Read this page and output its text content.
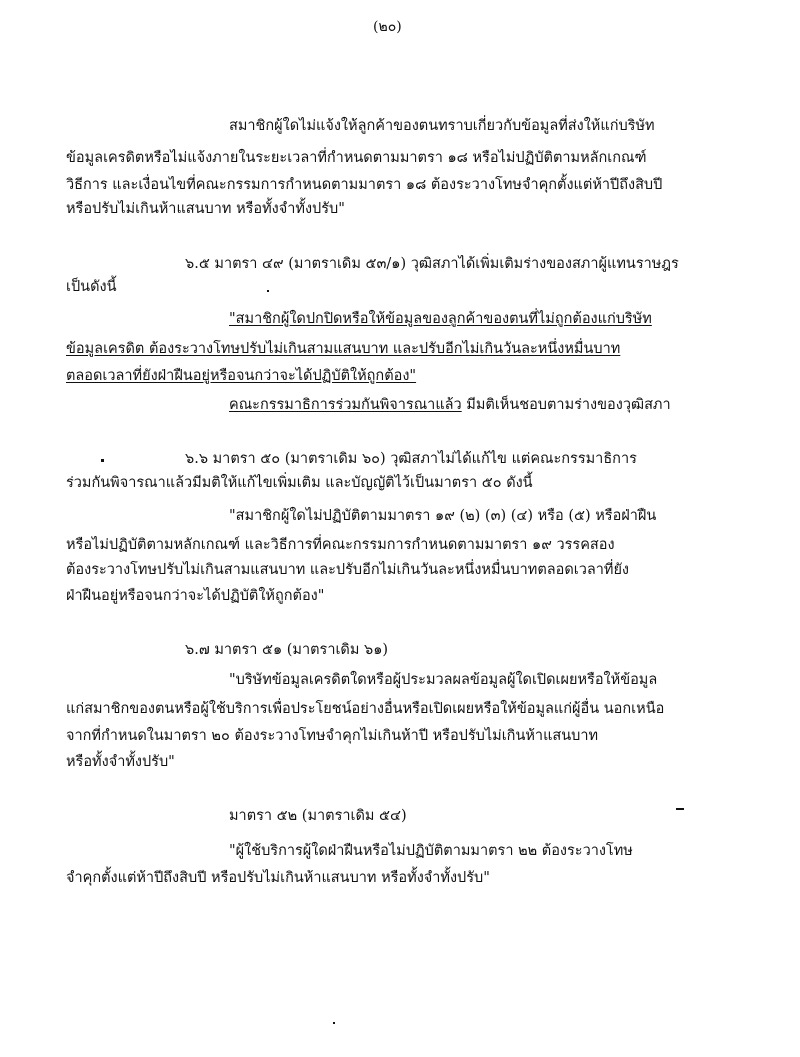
(๒๐)
สมาชิกผู้ใดไม่แจ้งให้ลูกค้าของตนทราบเกี่ยวกับข้อมูลที่ส่งให้แก่บริษัท
ข้อมูลเครดิตหรือไม่แจ้งภายในระยะเวลาที่กำหนดตามมาตรา ๑๘ หรือไม่ปฏิบัติตามหลักเกณฑ์
วิธีการ และเงื่อนไขที่คณะกรรมการกำหนดตามมาตรา ๑๘ ต้องระวางโทษจำคุกตั้งแต่ห้าปีถึงสิบปี
หรือปรับไม่เกินห้าแสนบาท หรือทั้งจำทั้งปรับ"
๖.๕ มาตรา ๔๙ (มาตราเดิม ๕๓/๑) วุฒิสภาได้เพิ่มเติมร่างของสภาผู้แทนราษฎร
เป็นดังนี้
"สมาชิกผู้ใดปกปิดหรือให้ข้อมูลของลูกค้าของตนที่ไม่ถูกต้องแก่บริษัท
ข้อมูลเครดิต ต้องระวางโทษปรับไม่เกินสามแสนบาท และปรับอีกไม่เกินวันละหนึ่งหมื่นบาท
ตลอดเวลาที่ยังฝ่าฝืนอยู่หรือจนกว่าจะได้ปฏิบัติให้ถูกต้อง"
คณะกรรมาธิการร่วมกันพิจารณาแล้ว มีมติเห็นชอบตามร่างของวุฒิสภา
๖.๖ มาตรา ๕๐ (มาตราเดิม ๖๐) วุฒิสภาไม่ได้แก้ไข แต่คณะกรรมาธิการ
ร่วมกันพิจารณาแล้วมีมติให้แก้ไขเพิ่มเติม และบัญญัติไว้เป็นมาตรา ๕๐ ดังนี้
"สมาชิกผู้ใดไม่ปฏิบัติตามมาตรา ๑๙ (๒) (๓) (๔) หรือ (๕) หรือฝ่าฝืน
หรือไม่ปฏิบัติตามหลักเกณฑ์ และวิธีการที่คณะกรรมการกำหนดตามมาตรา ๑๙ วรรคสอง
ต้องระวางโทษปรับไม่เกินสามแสนบาท และปรับอีกไม่เกินวันละหนึ่งหมื่นบาทตลอดเวลาที่ยัง
ฝ่าฝืนอยู่หรือจนกว่าจะได้ปฏิบัติให้ถูกต้อง"
๖.๗ มาตรา ๕๑ (มาตราเดิม ๖๑)
"บริษัทข้อมูลเครดิตใดหรือผู้ประมวลผลข้อมูลผู้ใดเปิดเผยหรือให้ข้อมูล
แก่สมาชิกของตนหรือผู้ใช้บริการเพื่อประโยชน์อย่างอื่นหรือเปิดเผยหรือให้ข้อมูลแก่ผู้อื่น นอกเหนือ
จากที่กำหนดในมาตรา ๒๐ ต้องระวางโทษจำคุกไม่เกินห้าปี หรือปรับไม่เกินห้าแสนบาท
หรือทั้งจำทั้งปรับ"
มาตรา ๕๒ (มาตราเดิม ๕๔)
"ผู้ใช้บริการผู้ใดฝ่าฝืนหรือไม่ปฏิบัติตามมาตรา ๒๒ ต้องระวางโทษ
จำคุกตั้งแต่ห้าปีถึงสิบปี หรือปรับไม่เกินห้าแสนบาท หรือทั้งจำทั้งปรับ"
